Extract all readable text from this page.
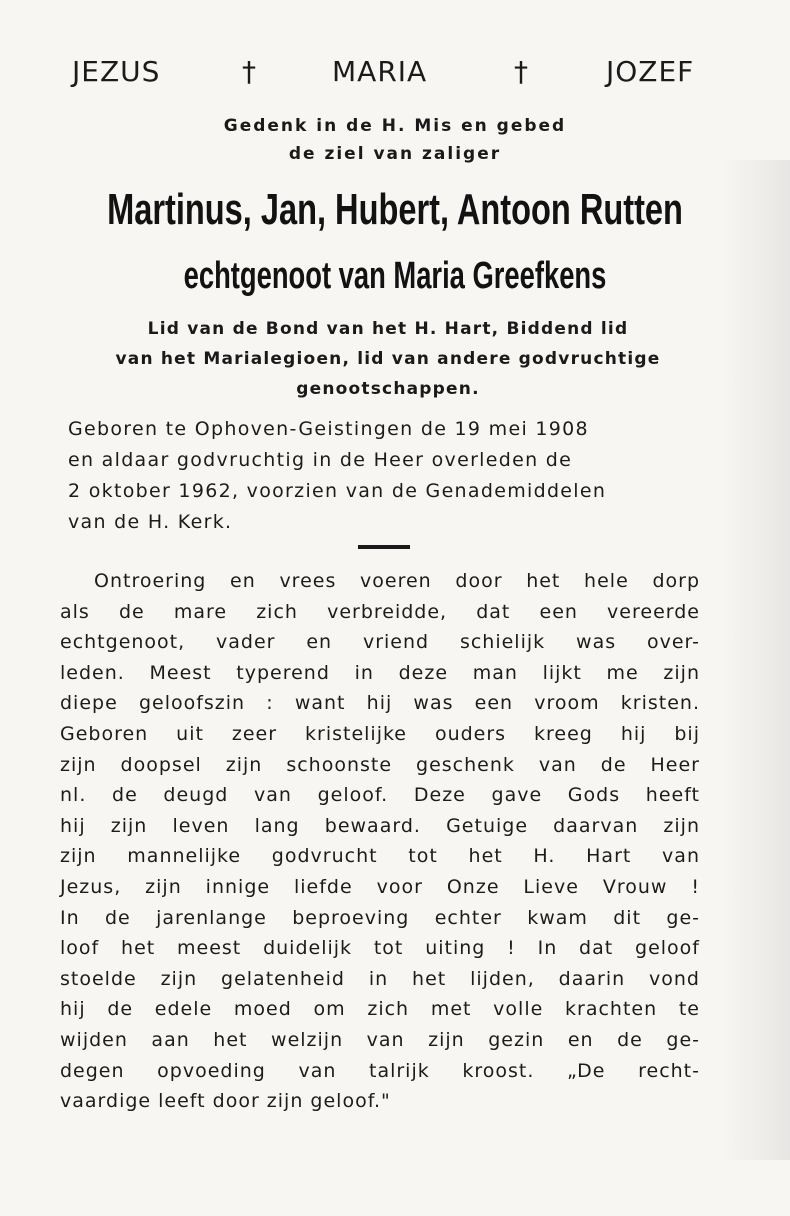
JEZUS	†	MARIA	†	JOZEF
Gedenk in de H. Mis en gebed
de ziel van zaliger
Martinus, Jan, Hubert, Antoon Rutten
echtgenoot van Maria Greefkens
Lid van de Bond van het H. Hart, Biddend lid
van het Marialegioen, lid van andere godvruchtige
genootschappen.
Geboren te Ophoven-Geistingen de 19 mei 1908
en aldaar godvruchtig in de Heer overleden de
2 oktober 1962, voorzien van de Genademiddelen
van de H. Kerk.
Ontroering en vrees voeren door het hele dorp
als de mare zich verbreidde, dat een vereerde
echtgenoot, vader en vriend schielijk was over-
leden. Meest typerend in deze man lijkt me zijn
diepe geloofszin : want hij was een vroom kristen.
Geboren uit zeer kristelijke ouders kreeg hij bij
zijn doopsel zijn schoonste geschenk van de Heer
nl. de deugd van geloof. Deze gave Gods heeft
hij zijn leven lang bewaard. Getuige daarvan zijn
zijn mannelijke godvrucht tot het H. Hart van
Jezus, zijn innige liefde voor Onze Lieve Vrouw !
In de jarenlange beproeving echter kwam dit ge-
loof het meest duidelijk tot uiting ! In dat geloof
stoelde zijn gelatenheid in het lijden, daarin vond
hij de edele moed om zich met volle krachten te
wijden aan het welzijn van zijn gezin en de ge-
degen opvoeding van talrijk kroost. „De recht-
vaardige leeft door zijn geloof."
